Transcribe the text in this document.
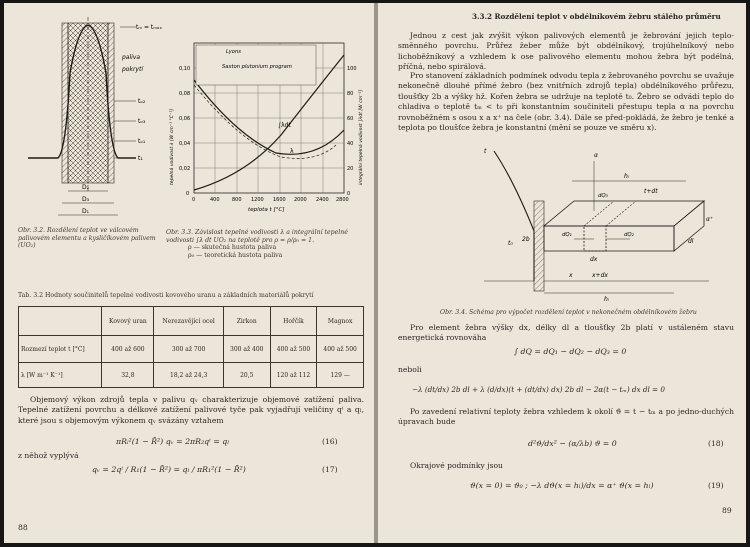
tₘ = tₘₐₓ
paliva
pokrytí
tₒ₂
tₒ₃
tₒ₁
t₁
D₂
D₃
D₁
Obr. 3.2. Rozdělení teplot ve válcovém palivovém elementu a kysličíkovém palivem (UO₂)
Lyons
Saxton plutonium program
∫λdt
λ
0	400 800 1200 1600 2000 2400 2800
0
0,02
0,04
0,06
0,08
0,10
0
20
40
60
80
100
teplota t [°C]
tepelná vodivost λ [W cm⁻¹ °C⁻¹]	integrální tepelná vodivost ∫λdt [W cm⁻¹]
Obr. 3.3. Závislost tepelné vodivosti λ a integrální tepelné vodivosti ∫λ dt UO₂ na teplotě pro ρ = ρ/ρ₀ = 1.
ρ — skutečná hustota paliva
ρ₀ — teoretická hustota paliva
Tab. 3.2 Hodnoty součinitelů tepelné vodivosti kovového uranu a základních materiálů pokrytí
	Kovový uran	Nerezavějící ocel	Zirkon	Hořčík	Magnox
Rozmezí teplot t [°C]	400 až 600	300 až 700	300 až 400	400 až 500	400 až 500
λ [W m⁻¹ K⁻¹]	32,8	18,2 až 24,3	20,5	120 až 112	129 —
Objemový výkon zdrojů tepla v palivu qᵥ charakterizuje objemové zatížení paliva. Tepelné zatížení povrchu a délkové zatížení palivové tyče pak vyjadřují veličiny qⁱ a qₗ, které jsou s objemovým výkonem qᵥ svázány vztahem
πRᵢ²(1 − R̄²) qᵥ = 2πR₂qⁱ = qₗ	(16)
z něhož vyplývá
qᵥ = 2qⁱ / R₁(1 − R̄²) = qₗ / πR₁²(1 − R̄²)	(17)
88
3.3.2 Rozdělení teplot v obdélníkovém žebru stálého průměru
Jednou z cest jak zvýšit výkon palivových elementů je žebrování jejich teplo-směnného povrchu. Průřez žeber může být obdélníkový, trojúhelníkový nebo lichoběžníkový a vzhledem k ose palivového elementu mohou žebra být podélná, příčná, nebo spirálová.
Pro stanovení základních podmínek odvodu tepla z žebrovaného povrchu se uvažuje nekonečně dlouhé přímé žebro (bez vnitřních zdrojů tepla) obdélníkového průřezu, tloušťky 2b a výšky hž. Kořen žebra se udržuje na teplotě t₀. Žebro se odvádí teplo do chladiva o teplotě tₘ < t₀ při konstantním součiniteli přestupu tepla α na povrchu rovnoběžném s osou x a x⁺ na čele (obr. 3.4). Dále se před-pokládá, že žebro je tenké a teplota po tloušťce žebra je konstantní (mění se pouze ve směru x).
t
t₀
t+dt
α
α⁺
hₗ
2b	dl
x	x+dx
dx
hₗ
dQ₁	dQ₂
dQ₃
Obr. 3.4. Schéma pro výpočet rozdělení teplot v nekonečném obdélníkovém žebru
Pro element žebra výšky dx, délky dl a tloušťky 2b platí v ustáleném stavu energetická rovnováha
∫ dQ = dQ₁ − dQ₂ − dQ₃ = 0
neboli
−λ (dt/dx) 2b dl + λ (d/dx)(t + (dt/dx) dx) 2b dl − 2α(t − tₘ) dx dl = 0
Po zavedení relativní teploty žebra vzhledem k okolí ϑ = t − tₘ a po jedno-duchých úpravach bude
d²ϑ/dx² − (α/λb) ϑ = 0	(18)
Okrajové podmínky jsou
ϑ(x = 0) = ϑ₀ ; −λ dϑ(x = hₗ)/dx = α⁺ ϑ(x = hₗ)	(19)
89
